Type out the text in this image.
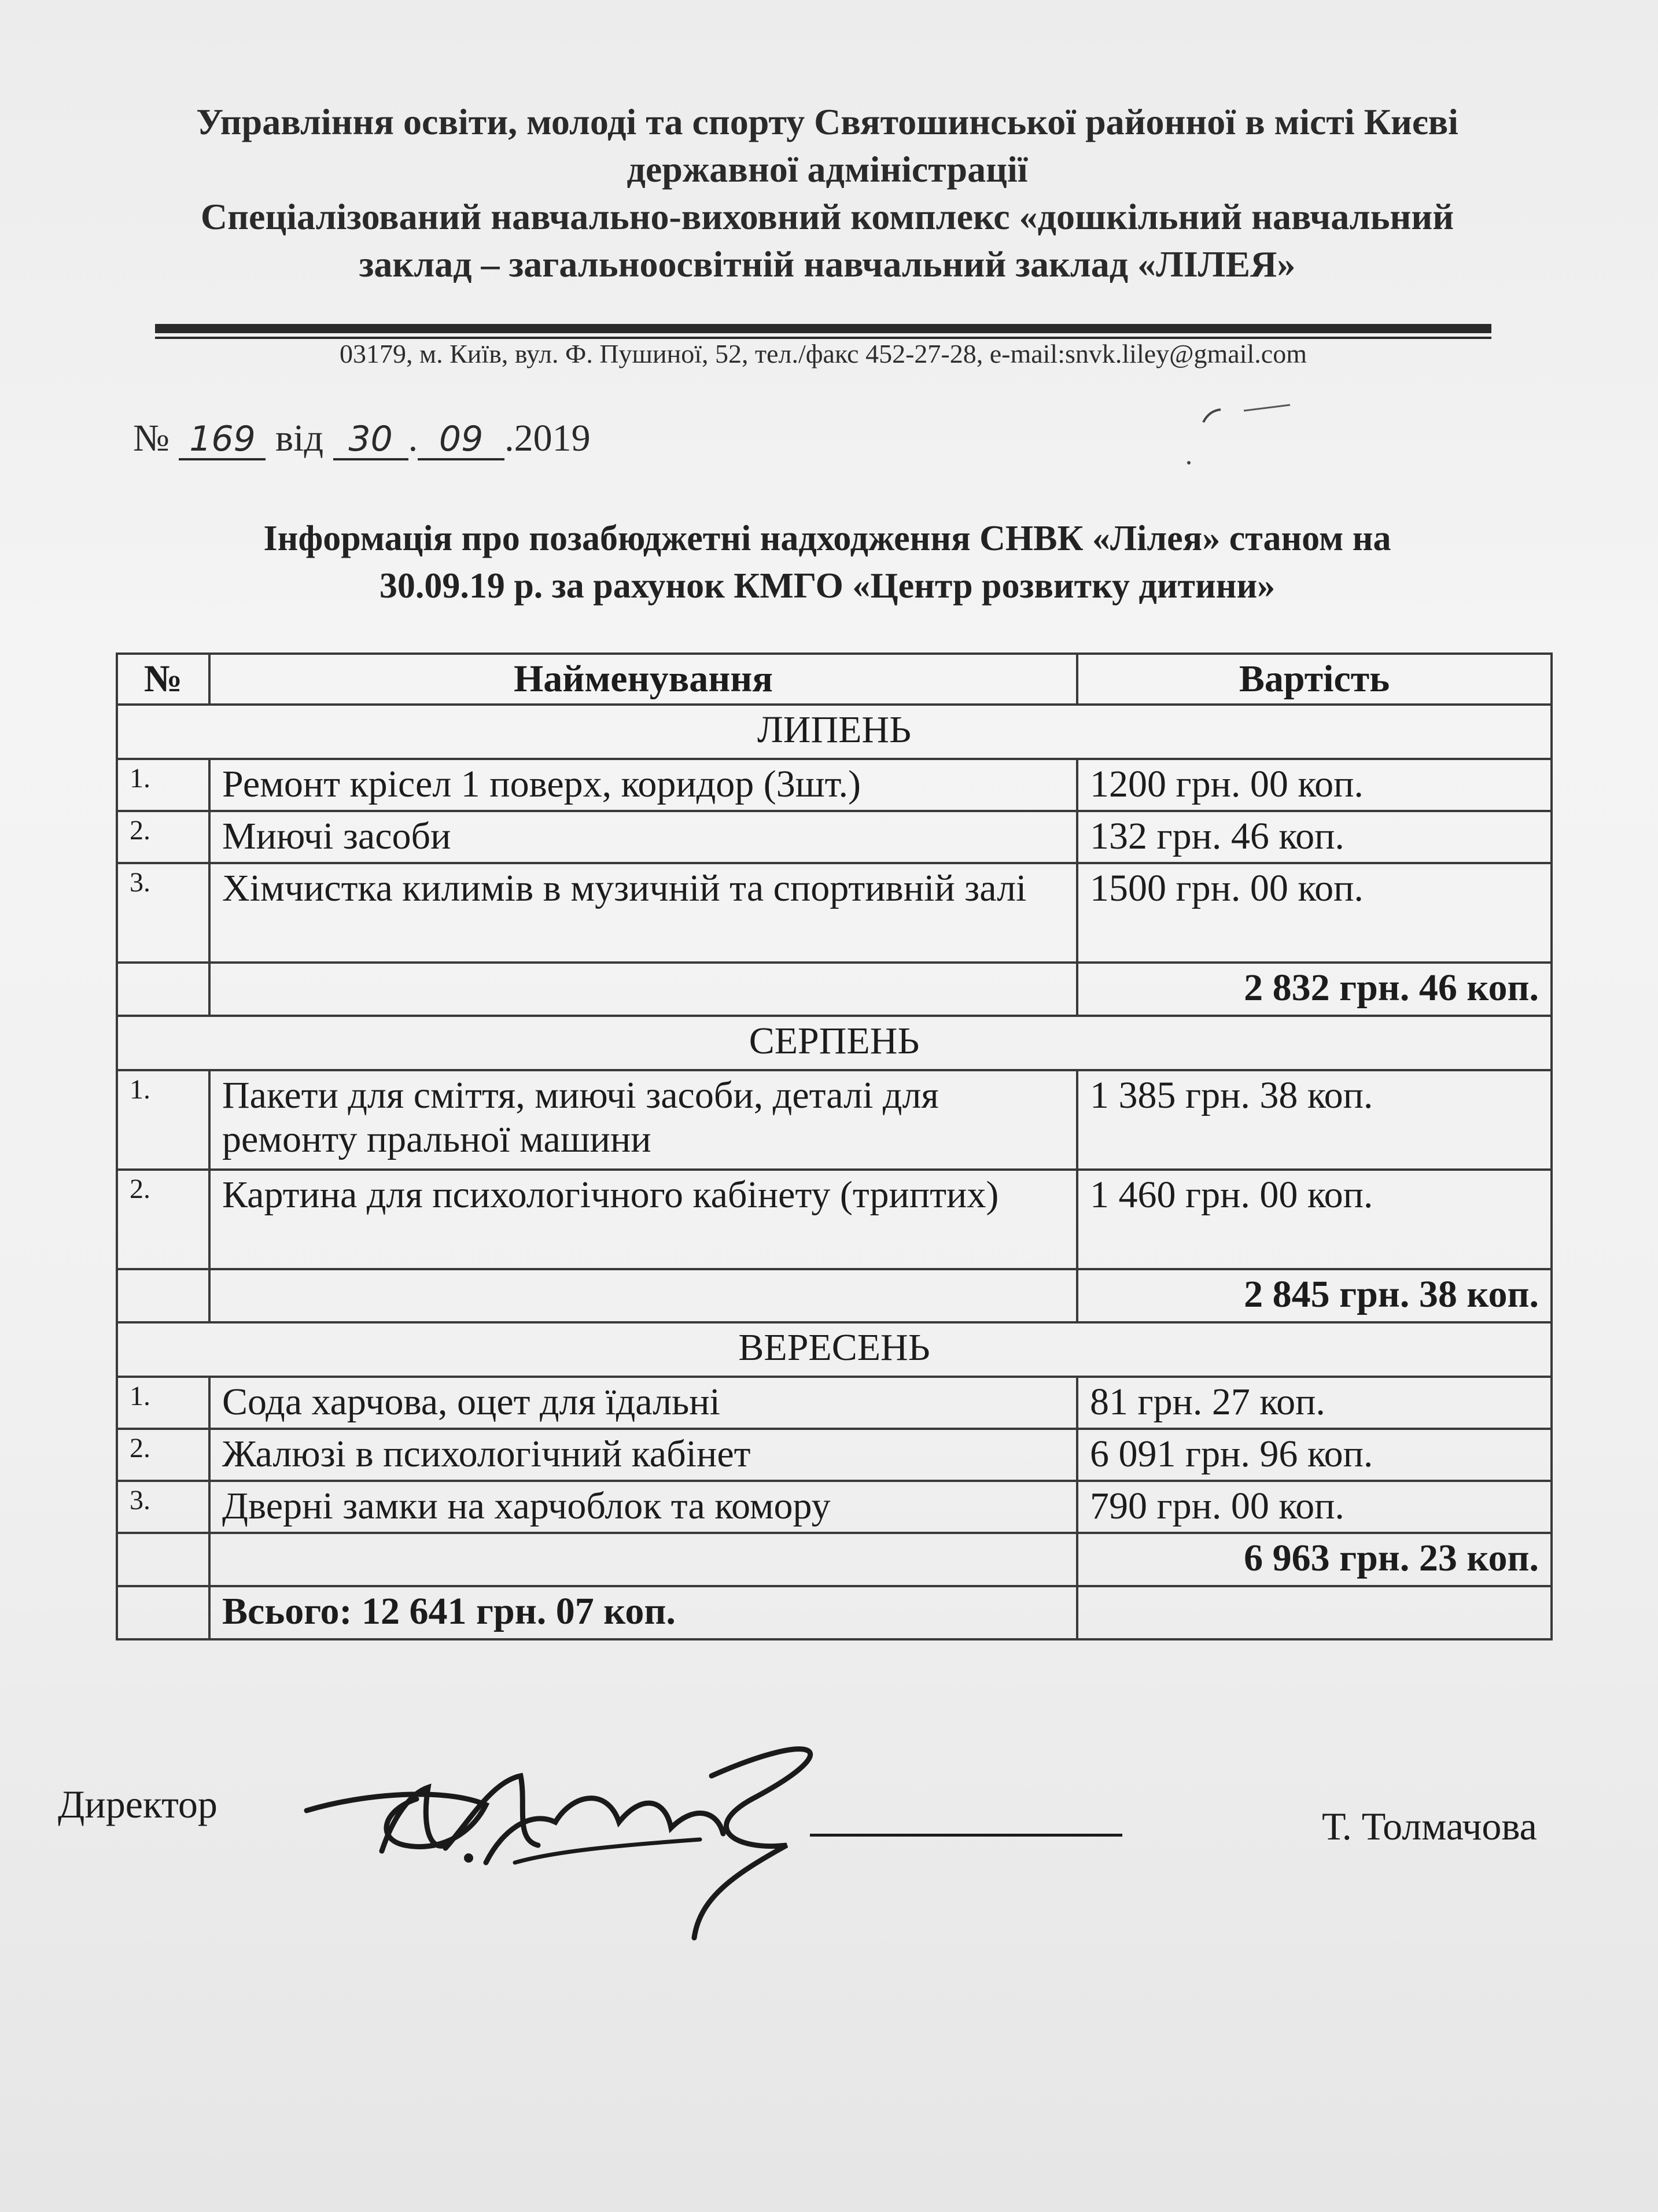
Управління освіти, молоді та спорту Святошинської районної в місті Києві
державної адміністрації
Спеціалізований навчально-виховний комплекс «дошкільний навчальний
заклад – загальноосвітній навчальний заклад «ЛІЛЕЯ»
03179, м. Київ, вул. Ф. Пушиної, 52, тел./факс 452-27-28, e-mail:snvk.liley@gmail.com
№ 169 від 30 . 09 .2019
Інформація про позабюджетні надходження СНВК «Лілея» станом на
30.09.19 р. за рахунок КМГО «Центр розвитку дитини»
№	Найменування	Вартість
ЛИПЕНЬ		
1.	Ремонт крісел 1 поверх, коридор (3шт.)	1200 грн. 00 коп.
2.	Миючі засоби	132 грн. 46 коп.
3.	Хімчистка килимів в музичній та спортивній залі	1500 грн. 00 коп.
		2 832 грн. 46 коп.
СЕРПЕНЬ		
1.	Пакети для сміття, миючі засоби, деталі для ремонту пральної машини	1 385 грн. 38 коп.
2.	Картина для психологічного кабінету (триптих)	1 460 грн. 00 коп.
		2 845 грн. 38 коп.
ВЕРЕСЕНЬ		
1.	Сода харчова, оцет для їдальні	81 грн. 27 коп.
2.	Жалюзі в психологічний кабінет	6 091 грн. 96 коп.
3.	Дверні замки на харчоблок та комору	790 грн. 00 коп.
		6 963 грн. 23 коп.
	Всього: 12 641 грн. 07 коп.	
Директор	Т. Толмачова
